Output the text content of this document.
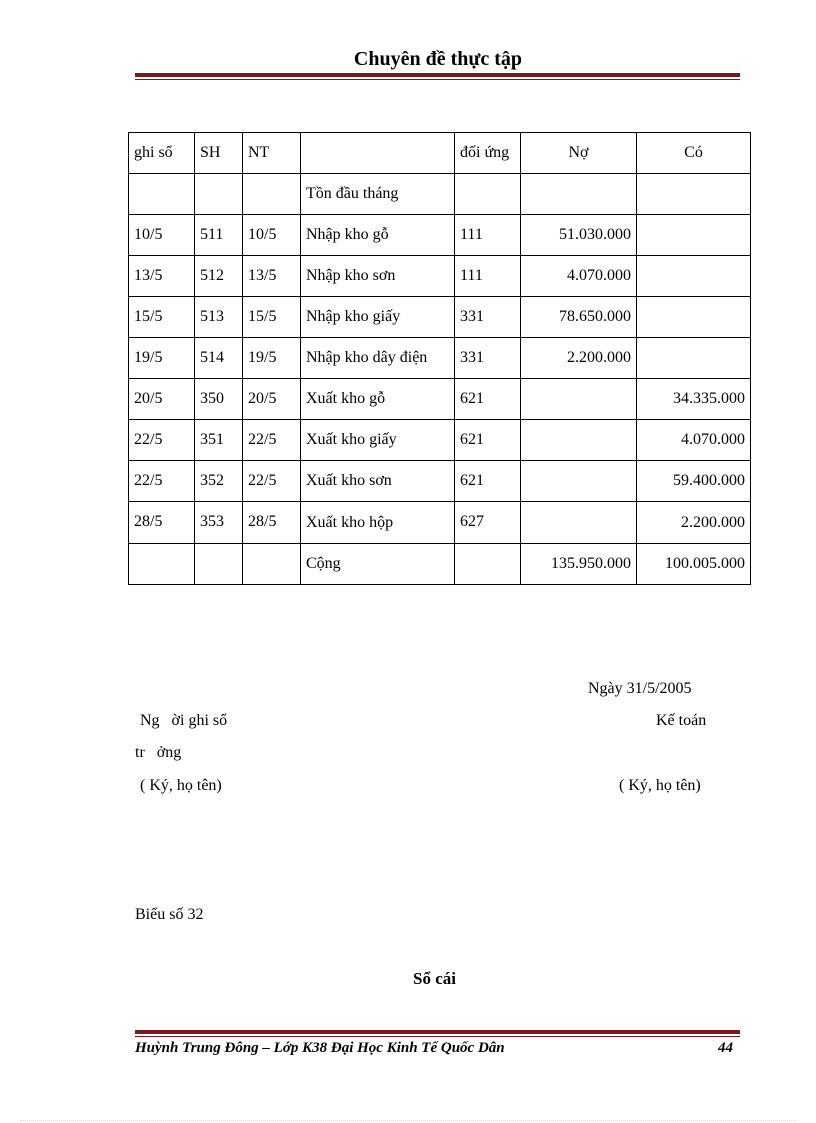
Chuyên đề thực tập
ghi sổ	SH	NT		đối ứng	Nợ	Có
			Tồn đầu tháng			
10/5	511	10/5	Nhập kho gỗ	111	51.030.000	
13/5	512	13/5	Nhập kho sơn	111	4.070.000	
15/5	513	15/5	Nhập kho giấy	331	78.650.000	
19/5	514	19/5	Nhập kho dây điện	331	2.200.000	
20/5	350	20/5	Xuất kho gỗ	621		34.335.000
22/5	351	22/5	Xuất kho giấy	621		4.070.000
22/5	352	22/5	Xuất kho sơn	621		59.400.000
28/5	353	28/5	Xuất kho hộp	627		2.200.000
			Cộng		135.950.000	100.005.000
Ngày 31/5/2005
Ng   ời ghi sổ	Kế toán
tr   ởng
( Ký, họ tên)	( Ký, họ tên)
Biểu số 32
Sổ cái
Huỳnh Trung Đông – Lớp K38 Đại Học Kinh Tế Quốc Dân	44
